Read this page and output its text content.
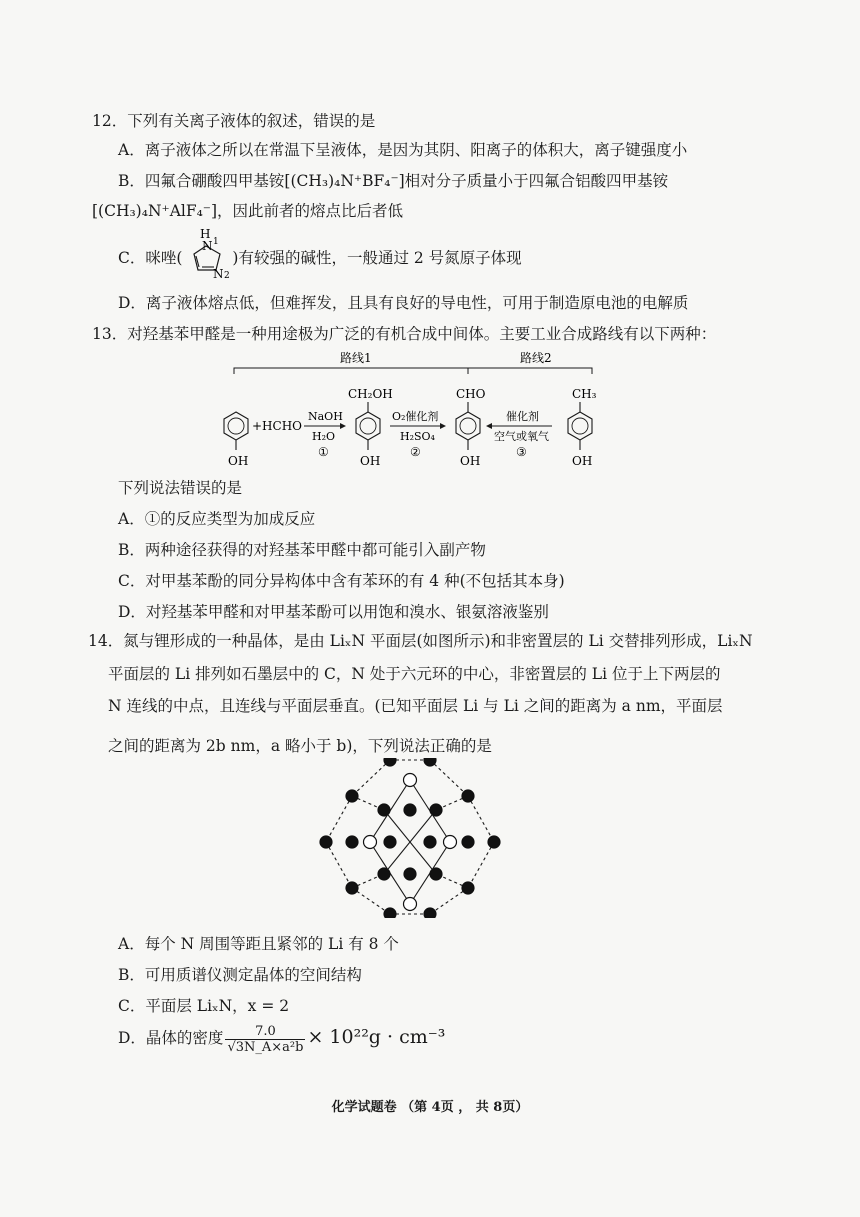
12．下列有关离子液体的叙述，错误的是
A．离子液体之所以在常温下呈液体，是因为其阴、阳离子的体积大，离子键强度小
B．四氟合硼酸四甲基铵[(CH₃)₄N⁺BF₄⁻]相对分子质量小于四氟合铝酸四甲基铵
[(CH₃)₄N⁺AlF₄⁻]，因此前者的熔点比后者低
C．咪唑(	)有较强的碱性，一般通过 2 号氮原子体现
H
N 1
N 2
D．离子液体熔点低，但难挥发，且具有良好的导电性，可用于制造原电池的电解质
13．对羟基苯甲醛是一种用途极为广泛的有机合成中间体。主要工业合成路线有以下两种：
路线1	路线2
OH
+HCHO
NaOH
H₂O
①
CH₂OH
OH
O₂催化剂
H₂SO₄
②
CHO
OH
催化剂
空气或氧气
③
CH₃
OH
下列说法错误的是
A．①的反应类型为加成反应
B．两种途径获得的对羟基苯甲醛中都可能引入副产物
C．对甲基苯酚的同分异构体中含有苯环的有 4 种(不包括其本身)
D．对羟基苯甲醛和对甲基苯酚可以用饱和溴水、银氨溶液鉴别
14．氮与锂形成的一种晶体，是由 LiₓN 平面层(如图所示)和非密置层的 Li 交替排列形成，LiₓN
平面层的 Li 排列如石墨层中的 C，N 处于六元环的中心，非密置层的 Li 位于上下两层的
N 连线的中点，且连线与平面层垂直。(已知平面层 Li 与 Li 之间的距离为 a nm，平面层
之间的距离为 2b nm，a 略小于 b)，下列说法正确的是
A．每个 N 周围等距且紧邻的 Li 有 8 个
B．可用质谱仪测定晶体的空间结构
C．平面层 LiₓN，x = 2
D．晶体的密度 $\frac{7.0}{\text{√3N\_A×a²b}} \times 10^{22}g \cdot cm^{-3}$
化学试题卷 （第 4页 ， 共 8页）
